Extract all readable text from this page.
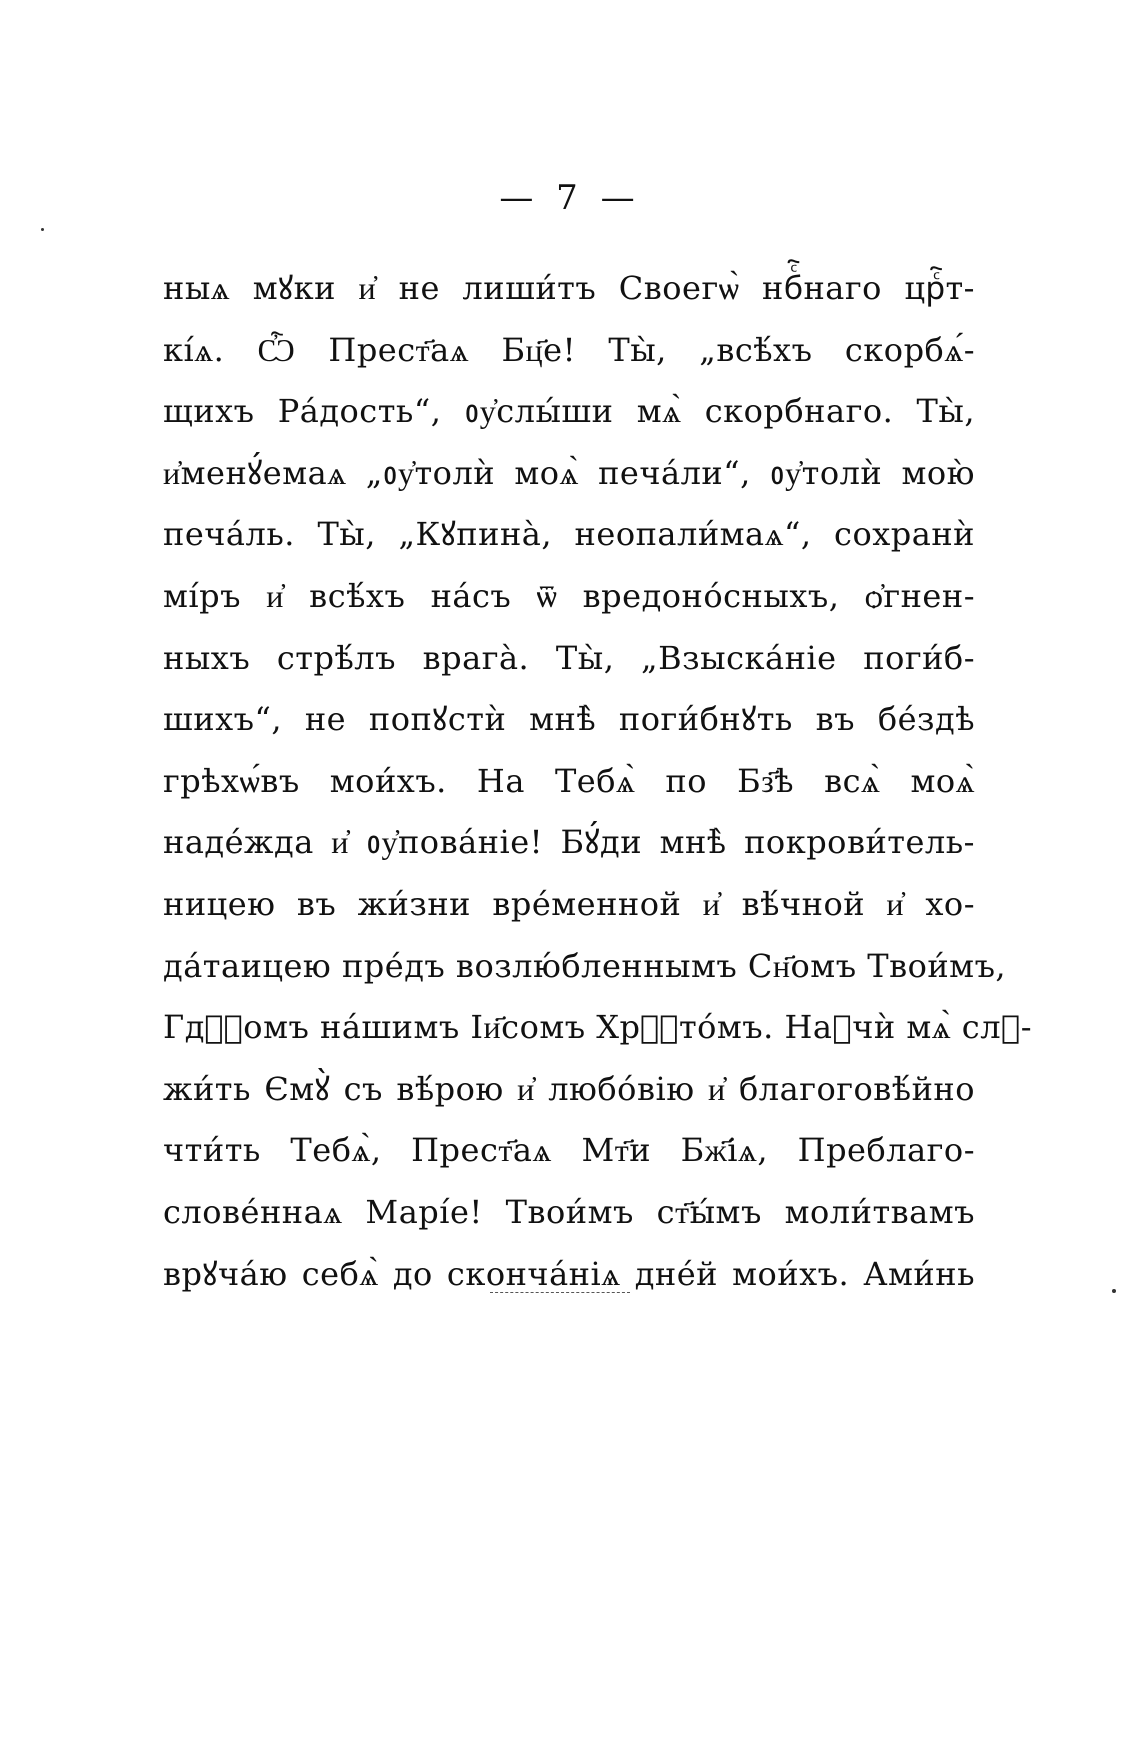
— 7 —
ныѧ мꙋки и҆ не лиши́тъ Своегѡ̀ нбⷭ҇наго црⷭ҇т-
кі́ѧ. Ѽ Прест҃аѧ Бц҃е! Ты̀, „всѣ́хъ скорбѧ́-
щихъ Ра́дость“, ᲂу҆слы́ши мѧ̀ скорбнаго. Ты̀,
и҆менꙋ́емаѧ „ᲂу҆толѝ моѧ̀ печа́ли“, ᲂу҆толѝ мою̀
печа́ль. Ты̀, „Кꙋпина̀, неопали́маѧ“, сохранѝ
мі́ръ и҆ всѣ́хъ на́съ ѿ вредоно́сныхъ, ѻ҆гнен-
ныхъ стрѣ́лъ врага̀. Ты̀, „Взыска́ніе поги́б-
шихъ“, не попꙋстѝ мнѣ̀ поги́бнꙋть въ бе́здѣ
грѣхѡ́въ мои́хъ. На Тебѧ̀ по Бз҃ѣ всѧ̀ моѧ̀
наде́жда и҆ ᲂу҆пова́ніе! Бꙋ́ди мнѣ̀ покрови́тель-
ницею въ жи́зни вре́менной и҆ вѣ́чной и҆ хо-
да́таицею пре́дъ возлю́бленнымъ Сн҃омъ Твои́мъ,
Гдⷭ҇омъ на́шимъ Іи҃сомъ Хрⷭ҇то́мъ. Наꙋчѝ мѧ̀ слꙋ-
жи́ть Ємꙋ̀ съ вѣ́рою и҆ любо́вію и҆ благоговѣ́йно
чти́ть Тебѧ̀, Прест҃аѧ Мт҃и Бж҃іѧ, Преблаго-
слове́ннаѧ Марі́е! Твои́мъ ст҃ы́мъ моли́твамъ
врꙋча́ю себѧ̀ до сконча́ніѧ дне́й мои́хъ. Ами́нь
